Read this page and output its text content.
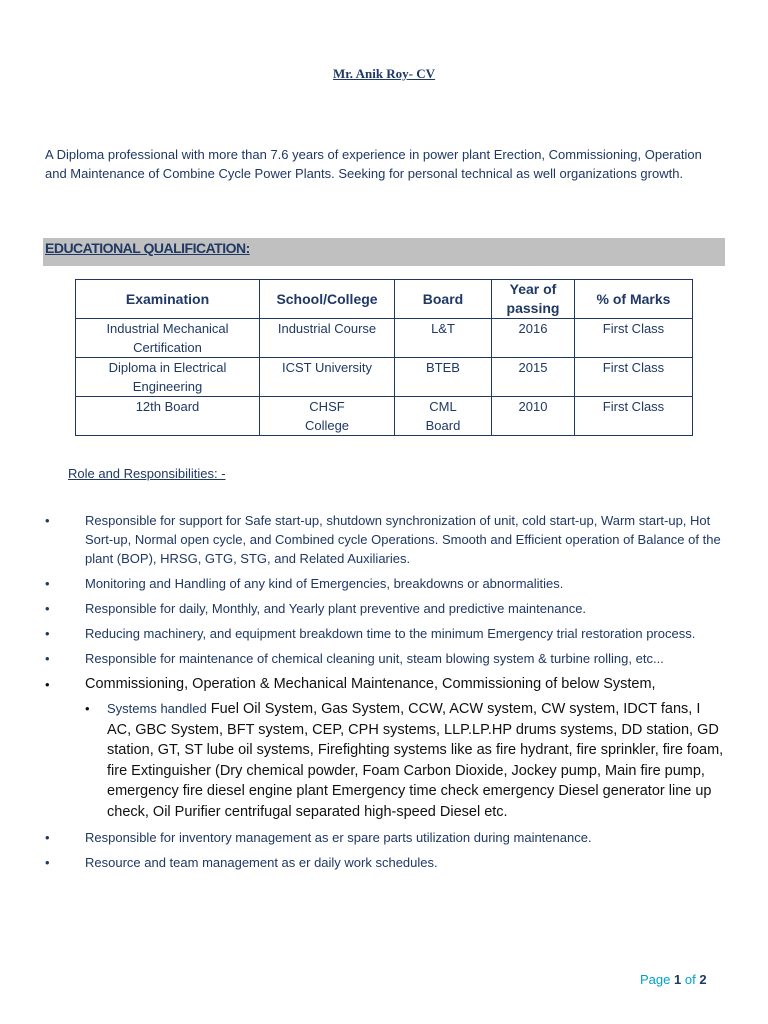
Mr. Anik Roy- CV

A Diploma professional with more than 7.6 years of experience in power plant Erection, Commissioning, Operation and Maintenance of Combine Cycle Power Plants. Seeking for personal technical as well organizations growth.

EDUCATIONAL QUALIFICATION:
Examination	School/College	Board	Year of passing	% of Marks
Industrial Mechanical Certification	Industrial Course	L&T	2016	First Class
Diploma in Electrical Engineering	ICST University	BTEB	2015	First Class
12th Board	CHSF College	CML Board	2010	First Class
Role and Responsibilities: -
•	Responsible for support for Safe start-up, shutdown synchronization of unit, cold start-up, Warm start-up, Hot Sort-up, Normal open cycle, and Combined cycle Operations. Smooth and Efficient operation of Balance of the plant (BOP), HRSG, GTG, STG, and Related Auxiliaries.
•	Monitoring and Handling of any kind of Emergencies, breakdowns or abnormalities.
•	Responsible for daily, Monthly, and Yearly plant preventive and predictive maintenance.
•	Reducing machinery, and equipment breakdown time to the minimum Emergency trial restoration process.
•	Responsible for maintenance of chemical cleaning unit, steam blowing system & turbine rolling, etc...
• Commissioning, Operation & Mechanical Maintenance, Commissioning of below System,
• Systems handled Fuel Oil System, Gas System, CCW, ACW system, CW system, IDCT fans, I AC, GBC System, BFT system, CEP, CPH systems, LLP.LP.HP drums systems, DD station, GD station, GT, ST lube oil systems, Firefighting systems like as fire hydrant, fire sprinkler, fire foam, fire Extinguisher (Dry chemical powder, Foam Carbon Dioxide, Jockey pump, Main fire pump, emergency fire diesel engine plant Emergency time check emergency Diesel generator line up check, Oil Purifier centrifugal separated high-speed Diesel etc.
•	Responsible for inventory management as er spare parts utilization during maintenance.
•	Resource and team management as er daily work schedules.
Page 1 of 2
